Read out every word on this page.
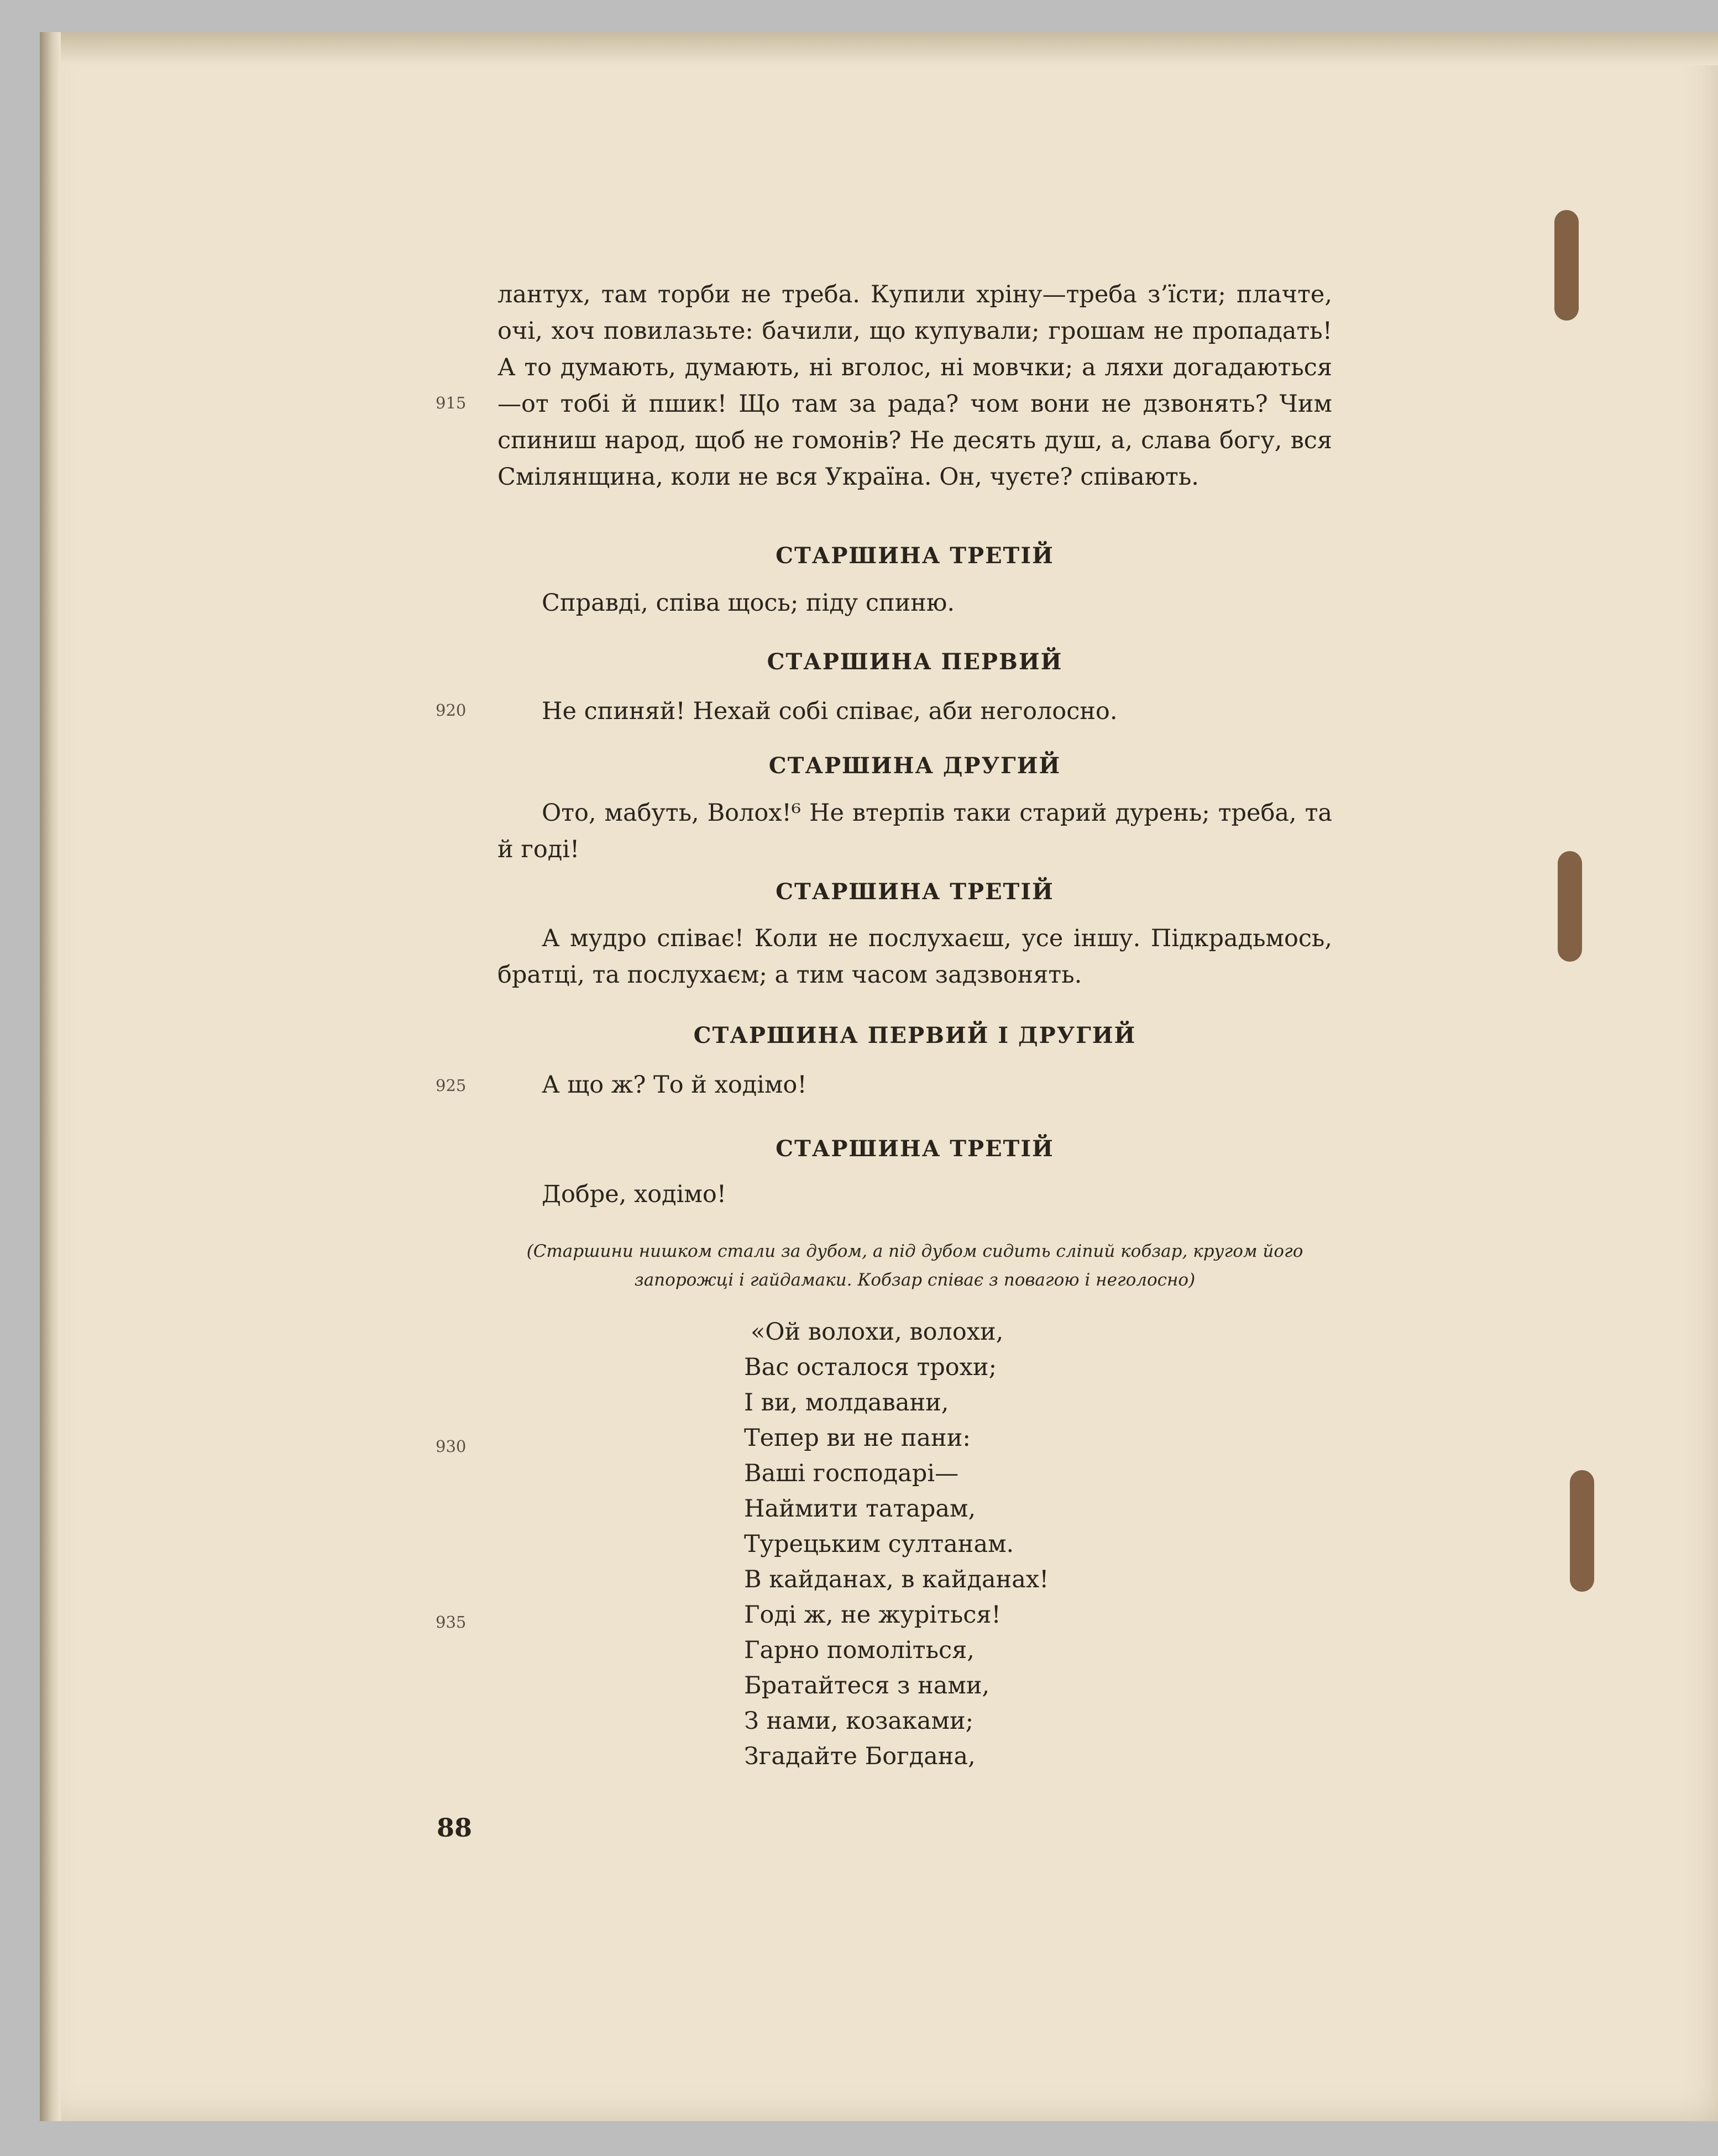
лантух, там торби не треба. Купили хріну—треба з’їсти; плачте, очі, хоч повилазьте: бачили, що купували; грошам не пропадать! А то думають, думають, ні вголос, ні мовчки; а ляхи догадаються—от тобі й пшик! Що там за рада? чом вони не дзвонять? Чим спиниш народ, щоб не гомонів? Не десять душ, а, слава богу, вся Смілянщина, коли не вся Україна. Он, чуєте? співають.
915
920
925
930
935
СТАРШИНА ТРЕТІЙ
Справді, співа щось; піду спиню.
СТАРШИНА ПЕРВИЙ
Не спиняй! Нехай собі співає, аби неголосно.
СТАРШИНА ДРУГИЙ
Ото, мабуть, Волох!⁶ Не втерпів таки старий дурень; треба, та й годі!
СТАРШИНА ТРЕТІЙ
А мудро співає! Коли не послухаєш, усе іншу. Підкрадьмось, братці, та послухаєм; а тим часом задзвонять.
СТАРШИНА ПЕРВИЙ І ДРУГИЙ
А що ж? То й ходімо!
СТАРШИНА ТРЕТІЙ
Добре, ходімо!
(Старшини нишком стали за дубом, а під дубом сидить сліпий кобзар, кругом його запорожці і гайдамаки. Кобзар співає з повагою і неголосно)
«Ой волохи, волохи,
Вас осталося трохи;
І ви, молдавани,
Тепер ви не пани:
Ваші господарі—
Наймити татарам,
Турецьким султанам.
В кайданах, в кайданах!
Годі ж, не журіться!
Гарно помоліться,
Братайтеся з нами,
З нами, козаками;
Згадайте Богдана,
88
